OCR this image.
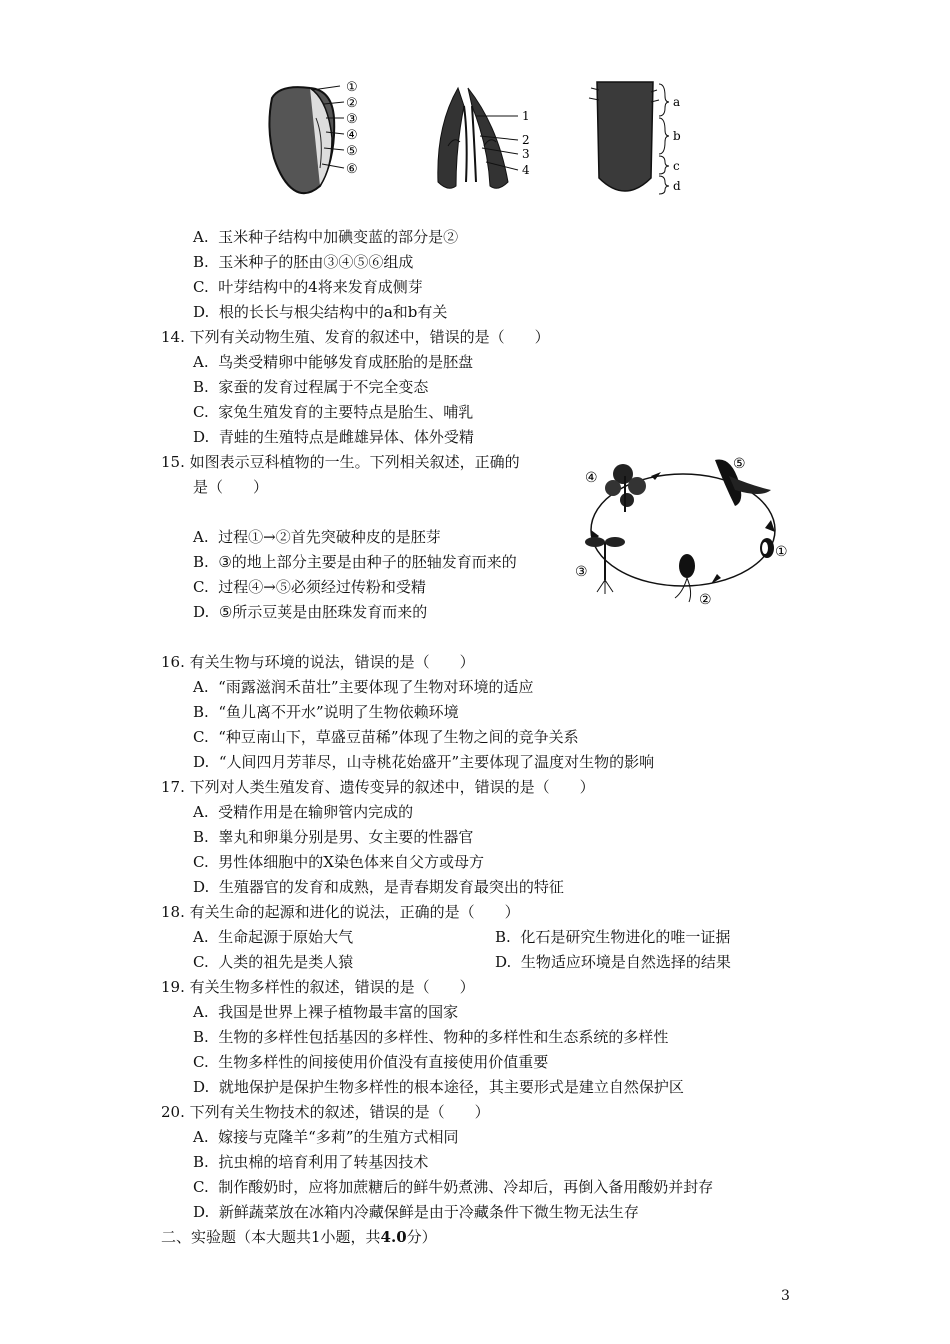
①
②
③
④
⑤
⑥
1
2
3
4
a
b
c
d
A. 玉米种子结构中加碘变蓝的部分是②
B. 玉米种子的胚由③④⑤⑥组成
C. 叶芽结构中的4将来发育成侧芽
D. 根的长长与根尖结构中的a和b有关
14. 下列有关动物生殖、发育的叙述中，错误的是（　　）
A. 鸟类受精卵中能够发育成胚胎的是胚盘
B. 家蚕的发育过程属于不完全变态
C. 家兔生殖发育的主要特点是胎生、哺乳
D. 青蛙的生殖特点是雌雄异体、体外受精
15. 如图表示豆科植物的一生。下列相关叙述，正确的
是（　　）
A. 过程①→②首先突破种皮的是胚芽
B. ③的地上部分主要是由种子的胚轴发育而来的
C. 过程④→⑤必须经过传粉和受精
D. ⑤所示豆荚是由胚珠发育而来的
①
②
③
④
⑤
16. 有关生物与环境的说法，错误的是（　　）
A. “雨露滋润禾苗壮”主要体现了生物对环境的适应
B. “鱼儿离不开水”说明了生物依赖环境
C. “种豆南山下，草盛豆苗稀”体现了生物之间的竞争关系
D. “人间四月芳菲尽，山寺桃花始盛开”主要体现了温度对生物的影响
17. 下列对人类生殖发育、遗传变异的叙述中，错误的是（　　）
A. 受精作用是在输卵管内完成的
B. 睾丸和卵巢分别是男、女主要的性器官
C. 男性体细胞中的X染色体来自父方或母方
D. 生殖器官的发育和成熟，是青春期发育最突出的特征
18. 有关生命的起源和进化的说法，正确的是（　　）
A. 生命起源于原始大气	B. 化石是研究生物进化的唯一证据
C. 人类的祖先是类人猿	D. 生物适应环境是自然选择的结果
19. 有关生物多样性的叙述，错误的是（　　）
A. 我国是世界上裸子植物最丰富的国家
B. 生物的多样性包括基因的多样性、物种的多样性和生态系统的多样性
C. 生物多样性的间接使用价值没有直接使用价值重要
D. 就地保护是保护生物多样性的根本途径，其主要形式是建立自然保护区
20. 下列有关生物技术的叙述，错误的是（　　）
A. 嫁接与克隆羊“多莉”的生殖方式相同
B. 抗虫棉的培育利用了转基因技术
C. 制作酸奶时，应将加蔗糖后的鲜牛奶煮沸、冷却后，再倒入备用酸奶并封存
D. 新鲜蔬菜放在冰箱内冷藏保鲜是由于冷藏条件下微生物无法生存
二、实验题（本大题共1小题，共4.0分）
3
